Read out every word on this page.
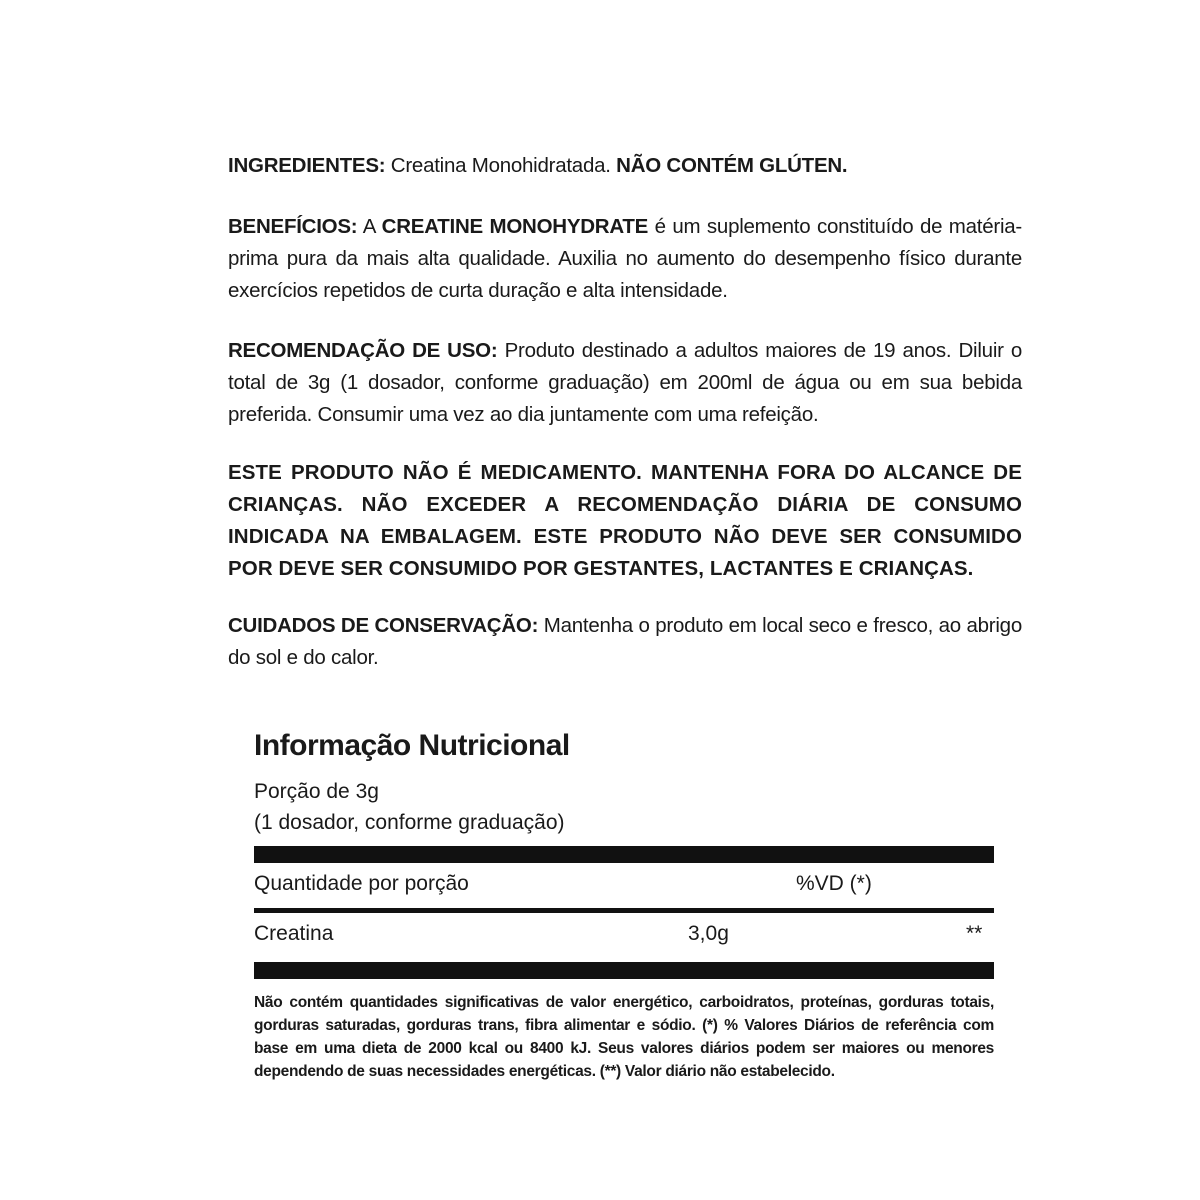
INGREDIENTES: Creatina Monohidratada. NÃO CONTÉM GLÚTEN.
BENEFÍCIOS: A CREATINE MONOHYDRATE é um suplemento constituído de matéria-prima pura da mais alta qualidade. Auxilia no aumento do desempenho físico durante exercícios repetidos de curta duração e alta intensidade.
RECOMENDAÇÃO DE USO: Produto destinado a adultos maiores de 19 anos. Diluir o total de 3g (1 dosador, conforme graduação) em 200ml de água ou em sua bebida preferida. Consumir uma vez ao dia juntamente com uma refeição.
ESTE PRODUTO NÃO É MEDICAMENTO. MANTENHA FORA DO ALCANCE DE CRIANÇAS. NÃO EXCEDER A RECOMENDAÇÃO DIÁRIA DE CONSUMO INDICADA NA EMBALAGEM. ESTE PRODUTO NÃO DEVE SER CONSUMIDO POR DEVE SER CONSUMIDO POR GESTANTES, LACTANTES E CRIANÇAS.
CUIDADOS DE CONSERVAÇÃO: Mantenha o produto em local seco e fresco, ao abrigo do sol e do calor.
Informação Nutricional
Porção de 3g
(1 dosador, conforme graduação)
Quantidade por porção	%VD (*)
Creatina	3,0g	**
Não contém quantidades significativas de valor energético, carboidratos, proteínas, gorduras totais, gorduras saturadas, gorduras trans, fibra alimentar e sódio. (*) % Valores Diários de referência com base em uma dieta de 2000 kcal ou 8400 kJ. Seus valores diários podem ser maiores ou menores dependendo de suas necessidades energéticas. (**) Valor diário não estabelecido.
